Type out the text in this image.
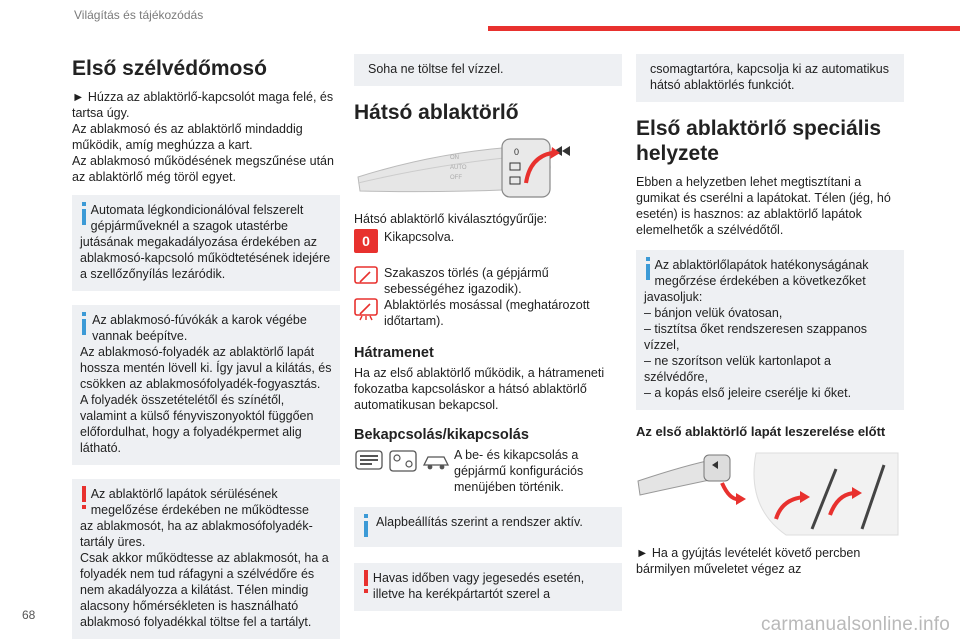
Világítás és tájékozódás
Első szélvédőmosó

► Húzza az ablaktörlő-kapcsolót maga felé, és tartsa úgy.

Az ablakmosó és az ablaktörlő mindaddig működik, amíg meghúzza a kart.

Az ablakmosó működésének megszűnése után az ablaktörlő még töröl egyet.

Automata légkondicionálóval felszerelt gépjárműveknél a szagok utastérbe
jutásának megakadályozása érdekében az ablakmosó-kapcsoló működtetésének idejére a szellőzőnyílás lezáródik.
Az ablakmosó-fúvókák a karok végébe vannak beépítve.
Az ablakmosó-folyadék az ablaktörlő lapát hossza mentén lövell ki. Így javul a kilátás, és csökken az ablakmosófolyadék-fogyasztás.
A folyadék összetételétől és színétől, valamint a külső fényviszonyoktól függően előfordulhat, hogy a folyadékpermet alig látható.
Az ablaktörlő lapátok sérülésének megelőzése érdekében ne működtesse
az ablakmosót, ha az ablakmosófolyadék-tartály üres.
Csak akkor működtesse az ablakmosót, ha a folyadék nem tud ráfagyni a szélvédőre és nem akadályozza a kilátást. Télen mindig alacsony hőmérsékleten is használható ablakmosó folyadékkal töltse fel a tartályt.
Soha ne töltse fel vízzel.
Hátsó ablaktörlő
0
AUTO
ON
OFF

Hátsó ablaktörlő kiválasztógyűrűje:

0	Kikapcsolva.

Szakaszos törlés (a gépjármű sebességéhez igazodik).

Ablaktörlés mosással (meghatározott időtartam).

Hátramenet

Ha az első ablaktörlő működik, a hátrameneti fokozatba kapcsoláskor a hátsó ablaktörlő automatikusan bekapcsol.

Bekapcsolás/kikapcsolás

A be- és kikapcsolás a gépjármű konfigurációs menüjében történik.

Alapbeállítás szerint a rendszer aktív.
Havas időben vagy jegesedés esetén, illetve ha kerékpártartót szerel a
csomagtartóra, kapcsolja ki az automatikus hátsó ablaktörlés funkciót.
Első ablaktörlő speciális helyzete

Ebben a helyzetben lehet megtisztítani a gumikat és cserélni a lapátokat. Télen (jég, hó esetén) is hasznos: az ablaktörlő lapátok elemelhetők a szélvédőtől.

Az ablaktörlőlapátok hatékonyságának megőrzése érdekében a következőket
javasoljuk:
– bánjon velük óvatosan,
– tisztítsa őket rendszeresen szappanos vízzel,
– ne szorítson velük kartonlapot a szélvédőre,
– a kopás első jeleire cserélje ki őket.
Az első ablaktörlő lapát leszerelése előtt

► Ha a gyújtás levételét követő percben bármilyen műveletet végez az

68	carmanualsonline.info
